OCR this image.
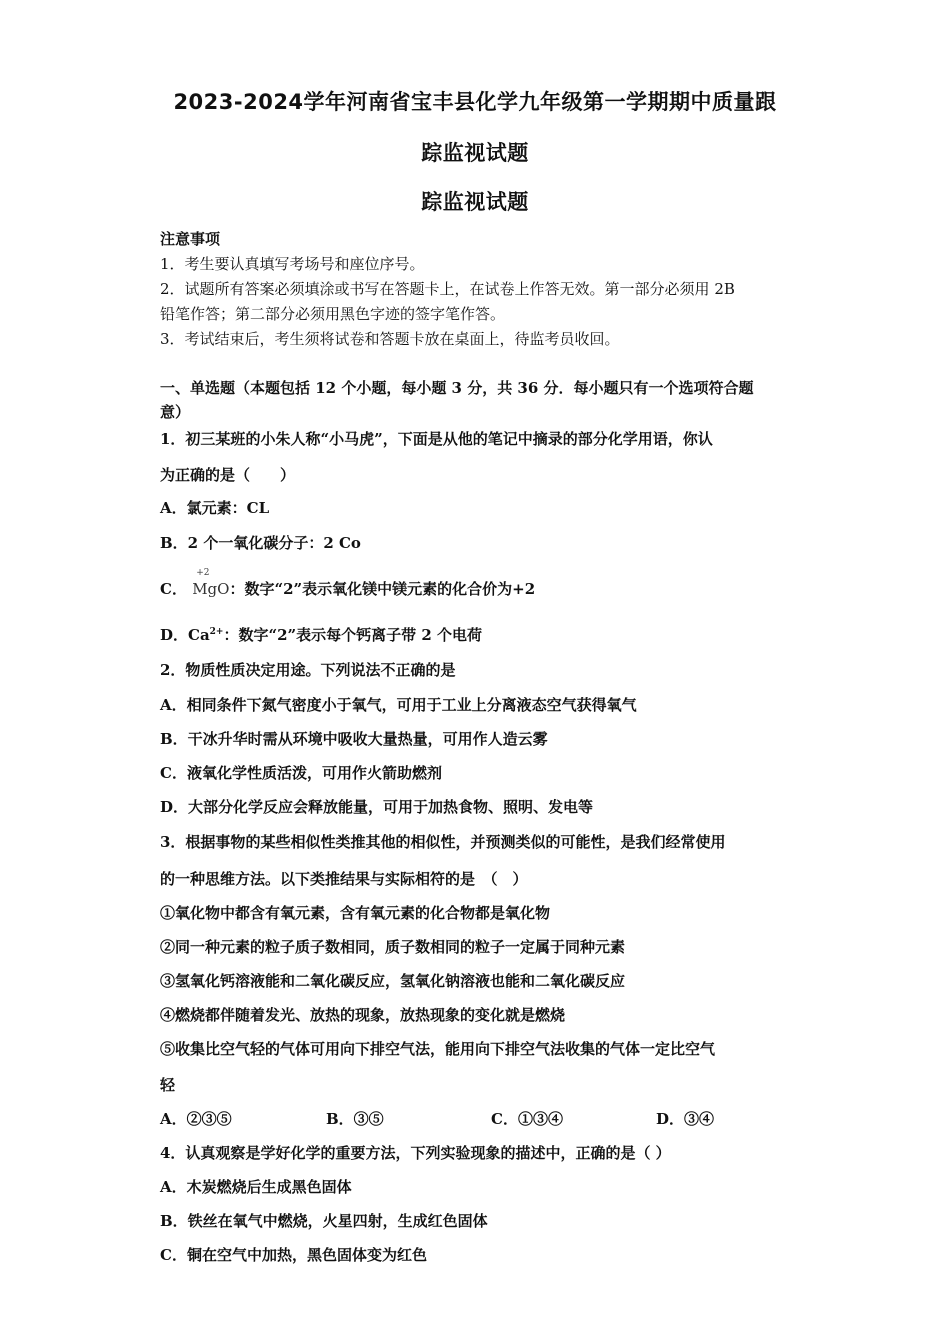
2023-2024学年河南省宝丰县化学九年级第一学期期中质量跟
踪监视试题
踪监视试题
注意事项
1．考生要认真填写考场号和座位序号。
2．试题所有答案必须填涂或书写在答题卡上，在试卷上作答无效。第一部分必须用 2B
铅笔作答；第二部分必须用黑色字迹的签字笔作答。
3．考试结束后，考生须将试卷和答题卡放在桌面上，待监考员收回。
一、单选题（本题包括 12 个小题，每小题 3 分，共 36 分．每小题只有一个选项符合题
意）
1．初三某班的小朱人称“小马虎”，下面是从他的笔记中摘录的部分化学用语，你认
为正确的是（　　）
A．氯元素：CL
B．2 个一氧化碳分子：2 Co
C．
+2
MgO：数字“2”表示氧化镁中镁元素的化合价为+2
D．$Ca^{2+}$：数字“2”表示每个钙离子带 2 个电荷
2．物质性质决定用途。下列说法不正确的是
A．相同条件下氮气密度小于氧气，可用于工业上分离液态空气获得氧气
B．干冰升华时需从环境中吸收大量热量，可用作人造云雾
C．液氧化学性质活泼，可用作火箭助燃剂
D．大部分化学反应会释放能量，可用于加热食物、照明、发电等
3．根据事物的某些相似性类推其他的相似性，并预测类似的可能性，是我们经常使用
的一种思维方法。以下类推结果与实际相符的是　（　）
①氧化物中都含有氧元素，含有氧元素的化合物都是氧化物
②同一种元素的粒子质子数相同，质子数相同的粒子一定属于同种元素
③氢氧化钙溶液能和二氧化碳反应，氢氧化钠溶液也能和二氧化碳反应
④燃烧都伴随着发光、放热的现象，放热现象的变化就是燃烧
⑤收集比空气轻的气体可用向下排空气法，能用向下排空气法收集的气体一定比空气
轻
A．②③⑤	B．③⑤	C．①③④	D．③④
4．认真观察是学好化学的重要方法，下列实验现象的描述中，正确的是（ ）
A．木炭燃烧后生成黑色固体
B．铁丝在氧气中燃烧，火星四射，生成红色固体
C．铜在空气中加热，黑色固体变为红色
